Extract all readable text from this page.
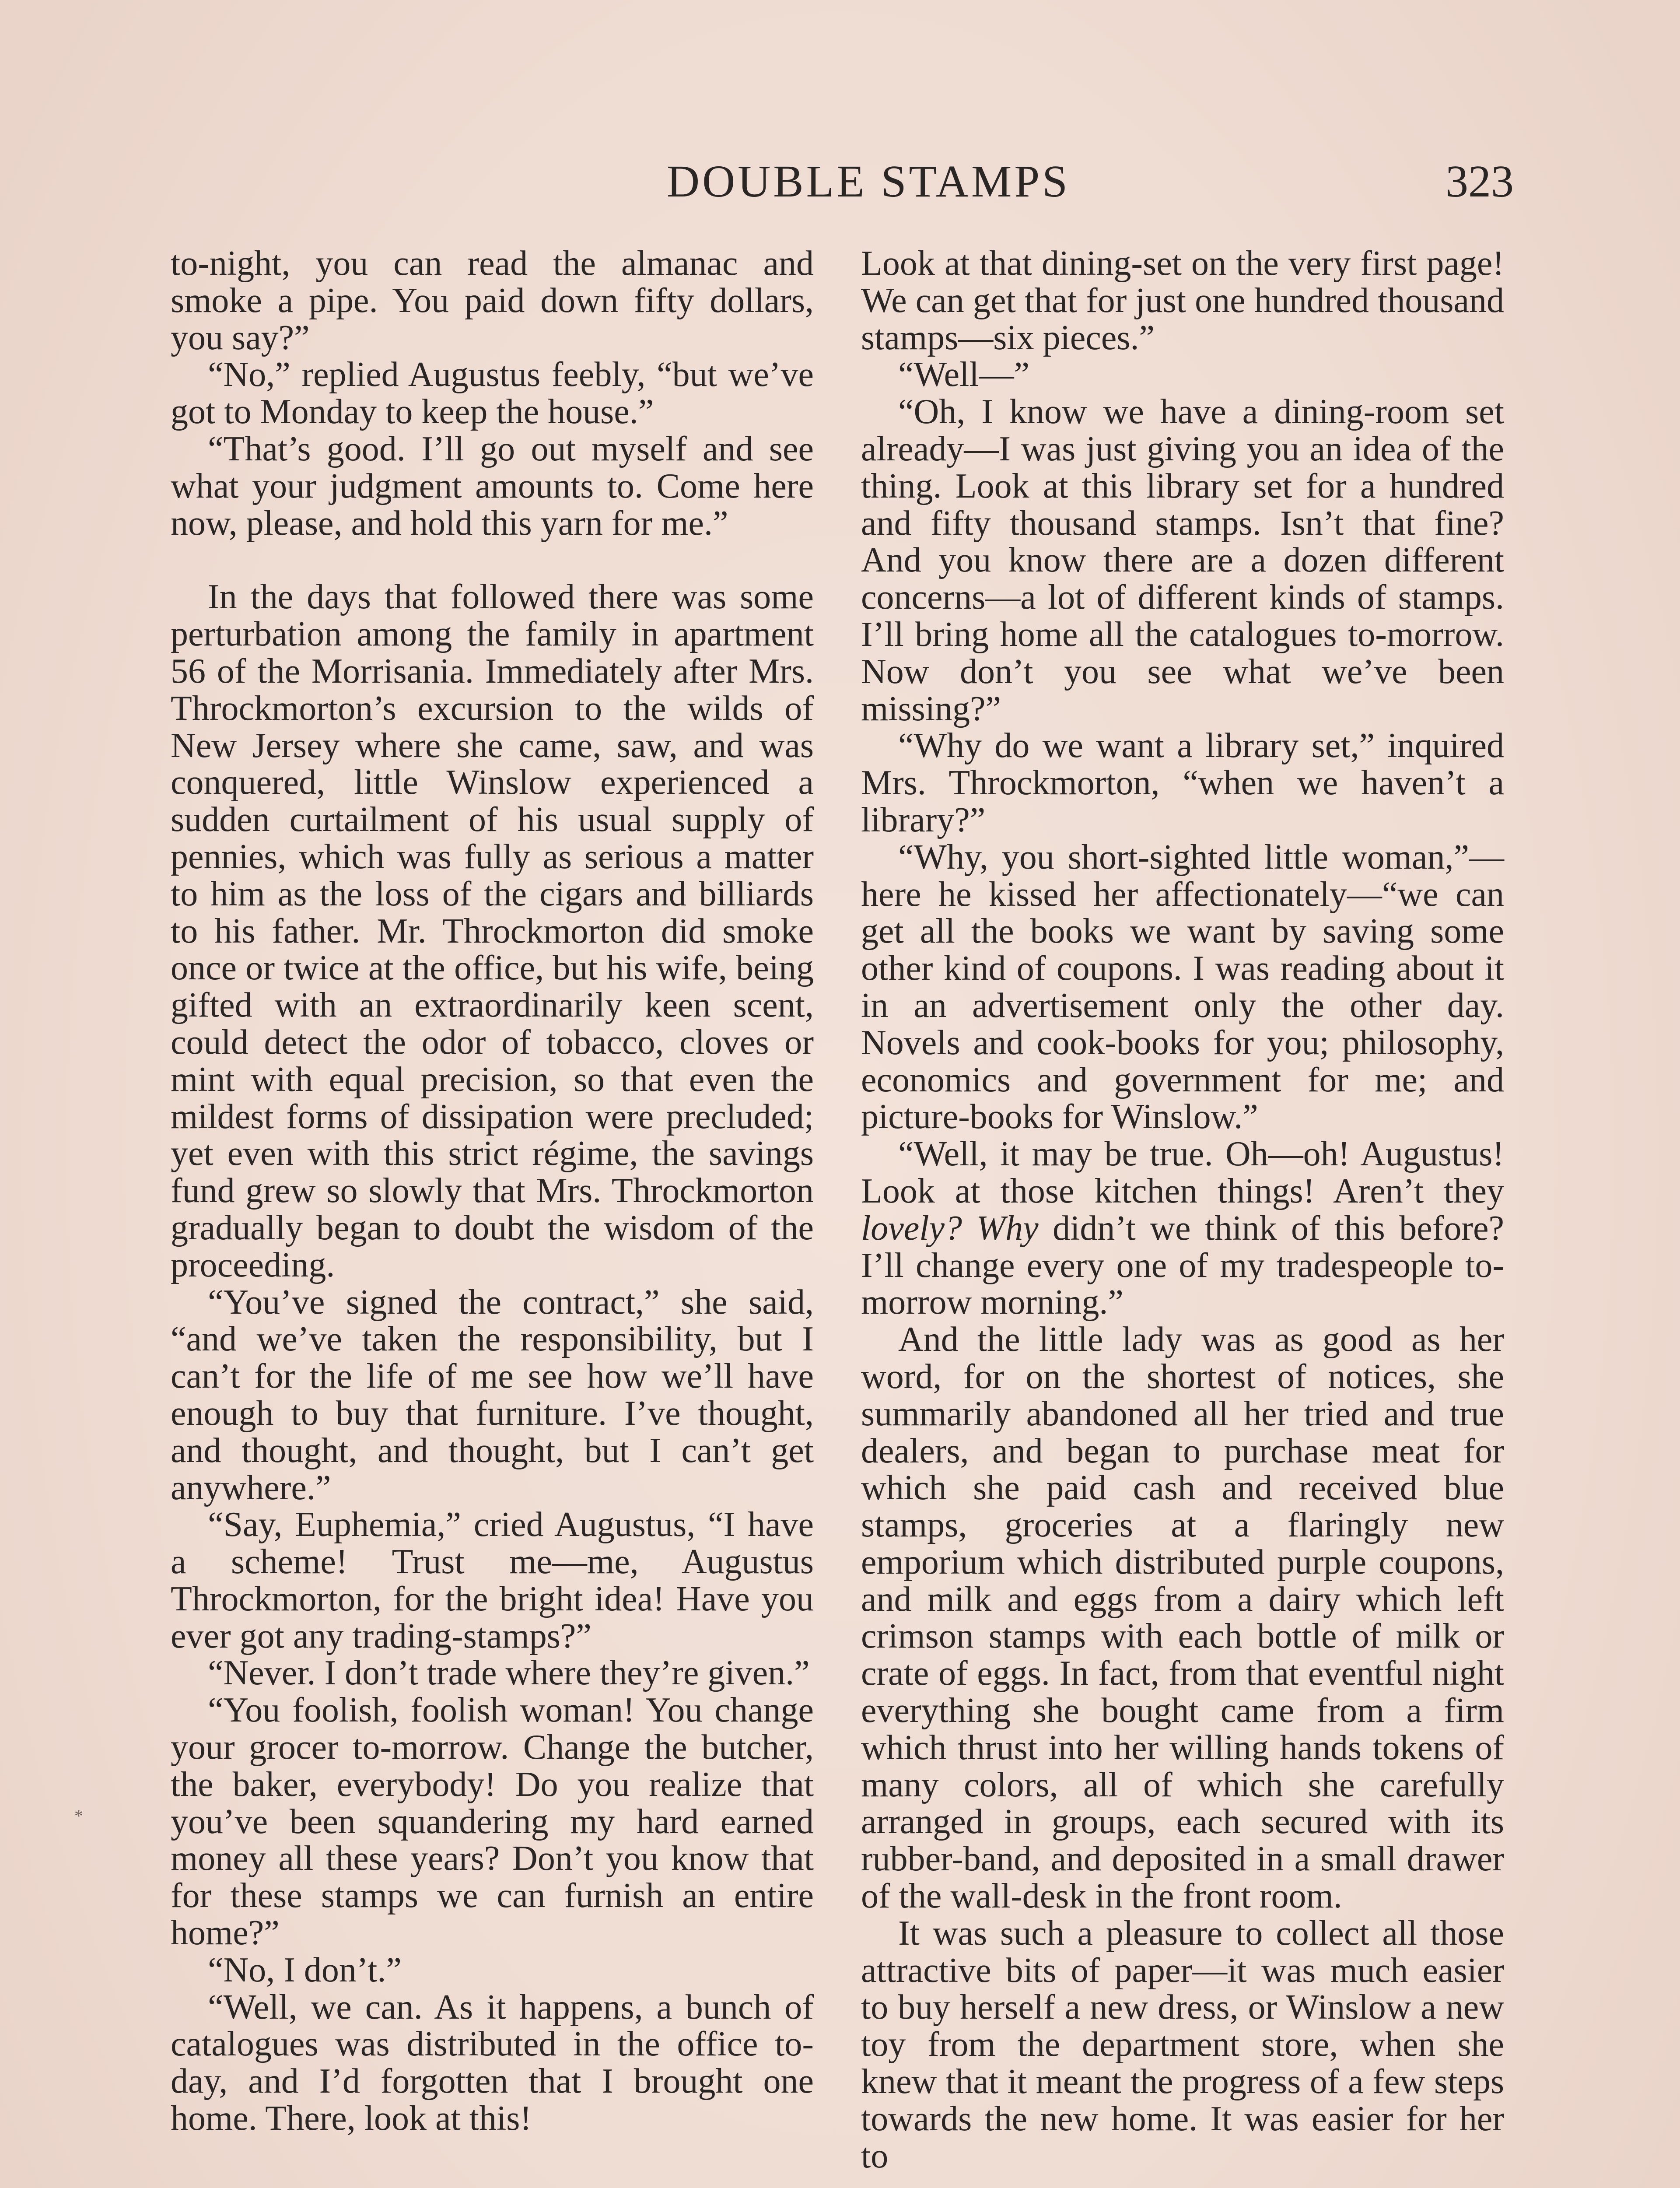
DOUBLE STAMPS	323

to-night, you can read the almanac and smoke a pipe. You paid down fifty dollars, you say?”

“No,” replied Augustus feebly, “but we’ve got to Monday to keep the house.”

“That’s good. I’ll go out myself and see what your judgment amounts to. Come here now, please, and hold this yarn for me.”

In the days that followed there was some perturbation among the family in apartment 56 of the Morrisania. Immediately after Mrs. Throckmorton’s excursion to the wilds of New Jersey where she came, saw, and was conquered, little Winslow experienced a sudden curtailment of his usual supply of pennies, which was fully as serious a matter to him as the loss of the cigars and billiards to his father. Mr. Throckmorton did smoke once or twice at the office, but his wife, being gifted with an extraordinarily keen scent, could detect the odor of tobacco, cloves or mint with equal precision, so that even the mildest forms of dissipation were precluded; yet even with this strict régime, the savings fund grew so slowly that Mrs. Throckmorton gradually began to doubt the wisdom of the proceeding.

“You’ve signed the contract,” she said, “and we’ve taken the responsibility, but I can’t for the life of me see how we’ll have enough to buy that furniture. I’ve thought, and thought, and thought, but I can’t get anywhere.”

“Say, Euphemia,” cried Augustus, “I have a scheme! Trust me—me, Augustus Throckmorton, for the bright idea! Have you ever got any trading-stamps?”

“Never. I don’t trade where they’re given.”

“You foolish, foolish woman! You change your grocer to-morrow. Change the butcher, the baker, everybody! Do you realize that you’ve been squandering my hard earned money all these years? Don’t you know that for these stamps we can furnish an entire home?”

“No, I don’t.”

“Well, we can. As it happens, a bunch of catalogues was distributed in the office to-day, and I’d forgotten that I brought one home. There, look at this!

Look at that dining-set on the very first page! We can get that for just one hundred thousand stamps—six pieces.”

“Well—”

“Oh, I know we have a dining-room set already—I was just giving you an idea of the thing. Look at this library set for a hundred and fifty thousand stamps. Isn’t that fine? And you know there are a dozen different concerns—a lot of different kinds of stamps. I’ll bring home all the catalogues to-morrow. Now don’t you see what we’ve been missing?”

“Why do we want a library set,” inquired Mrs. Throckmorton, “when we haven’t a library?”

“Why, you short-sighted little woman,”—here he kissed her affectionately—“we can get all the books we want by saving some other kind of coupons. I was reading about it in an advertisement only the other day. Novels and cook-books for you; philosophy, economics and government for me; and picture-books for Winslow.”

“Well, it may be true. Oh—oh! Augustus! Look at those kitchen things! Aren’t they lovely? Why didn’t we think of this before? I’ll change every one of my tradespeople to-morrow morning.”

And the little lady was as good as her word, for on the shortest of notices, she summarily abandoned all her tried and true dealers, and began to purchase meat for which she paid cash and received blue stamps, groceries at a flaringly new emporium which distributed purple coupons, and milk and eggs from a dairy which left crimson stamps with each bottle of milk or crate of eggs. In fact, from that eventful night everything she bought came from a firm which thrust into her willing hands tokens of many colors, all of which she carefully arranged in groups, each secured with its rubber-band, and deposited in a small drawer of the wall-desk in the front room.

It was such a pleasure to collect all those attractive bits of paper—it was much easier to buy herself a new dress, or Winslow a new toy from the department store, when she knew that it meant the progress of a few steps towards the new home. It was easier for her to

*
